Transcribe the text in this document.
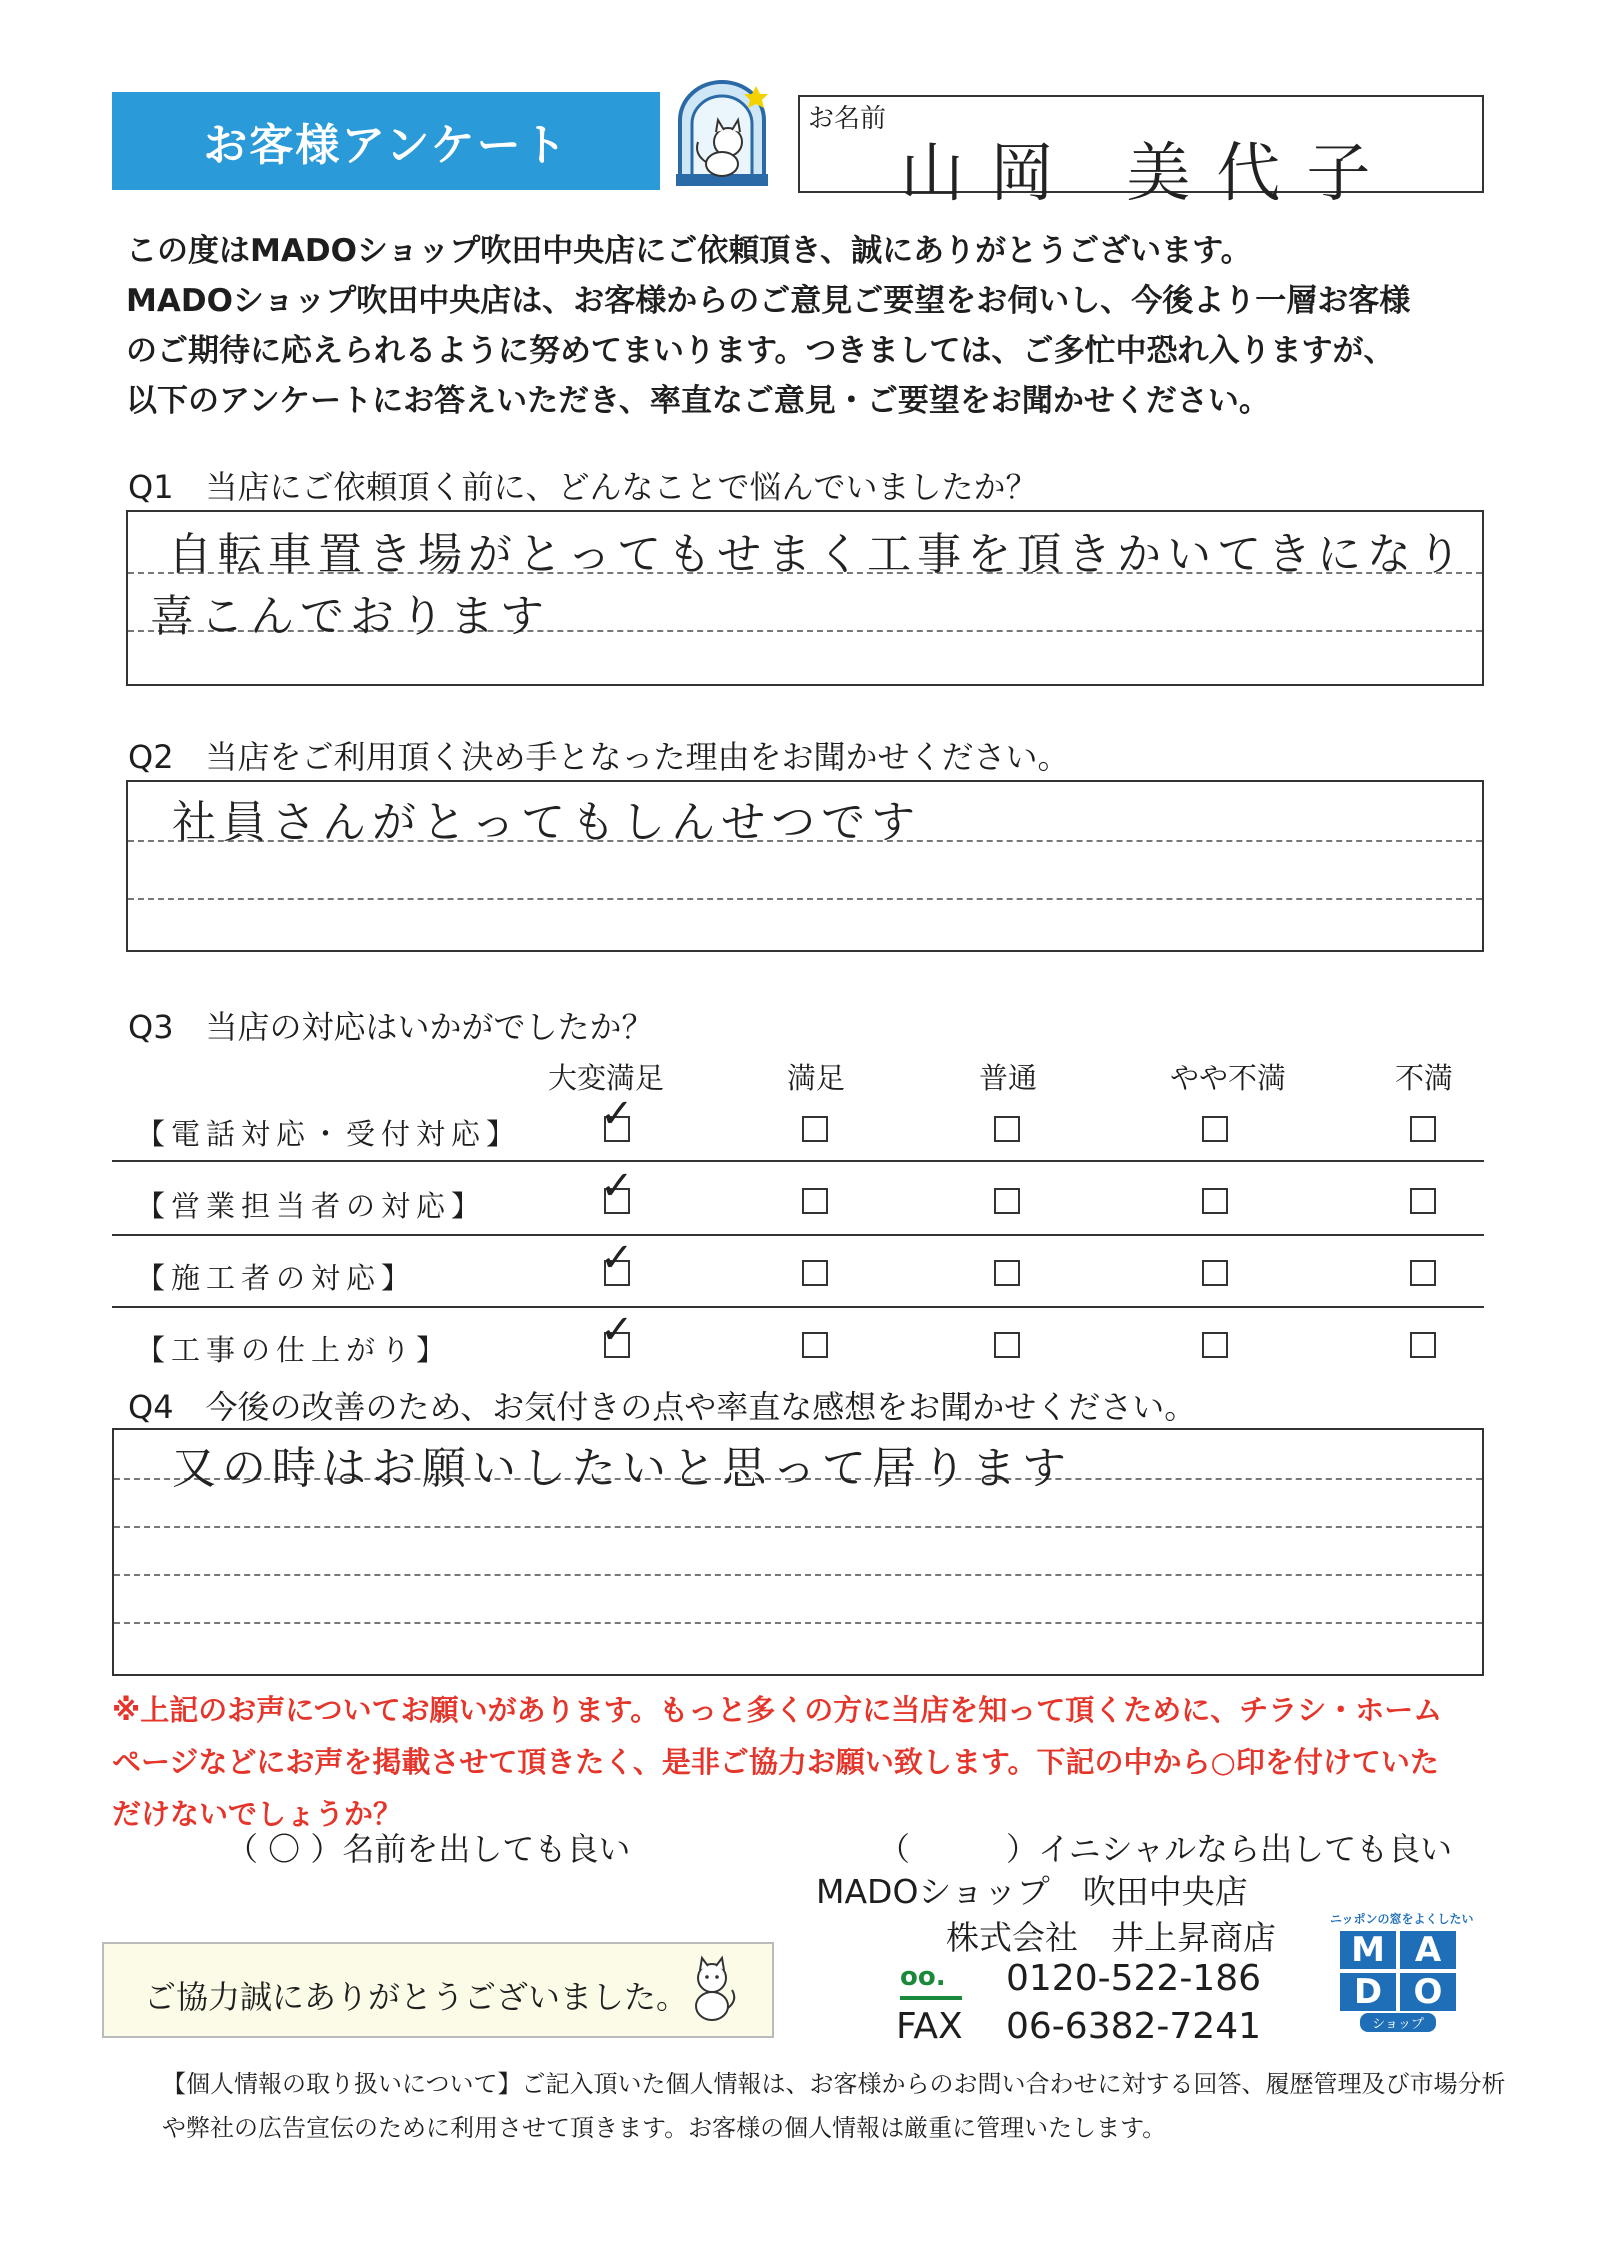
お客様アンケート
お名前
山岡 美代子
この度はMADOショップ吹田中央店にご依頼頂き、誠にありがとうございます。
MADOショップ吹田中央店は、お客様からのご意見ご要望をお伺いし、今後より一層お客様
のご期待に応えられるように努めてまいります。つきましては、ご多忙中恐れ入りますが、
以下のアンケートにお答えいただき、率直なご意見・ご要望をお聞かせください。
Q1　当店にご依頼頂く前に、どんなことで悩んでいましたか？
自転車置き場がとってもせまく工事を頂きかいてきになり
喜こんでおります
Q2　当店をご利用頂く決め手となった理由をお聞かせください。
社員さんがとってもしんせつです
Q3　当店の対応はいかがでしたか？
大変満足	満足	普通	やや不満	不満
【電話対応・受付対応】 ✓
【営業担当者の対応】	✓
【施工者の対応】	✓
【工事の仕上がり】	✓
Q4　今後の改善のため、お気付きの点や率直な感想をお聞かせください。
又の時はお願いしたいと思って居ります
※上記のお声についてお願いがあります。もっと多くの方に当店を知って頂くために、チラシ・ホーム
ページなどにお声を掲載させて頂きたく、是非ご協力お願い致します。下記の中から○印を付けていた
だけないでしょうか？
（ 〇 ）名前を出しても良い	（　　　）イニシャルなら出しても良い
MADOショップ　吹田中央店
株式会社　井上昇商店
oo.	0120-522-186
FAX 06-6382-7241
ニッポンの窓をよくしたい
M A
D O
ショップ
ご協力誠にありがとうございました。
【個人情報の取り扱いについて】ご記入頂いた個人情報は、お客様からのお問い合わせに対する回答、履歴管理及び市場分析
や弊社の広告宣伝のために利用させて頂きます。お客様の個人情報は厳重に管理いたします。
